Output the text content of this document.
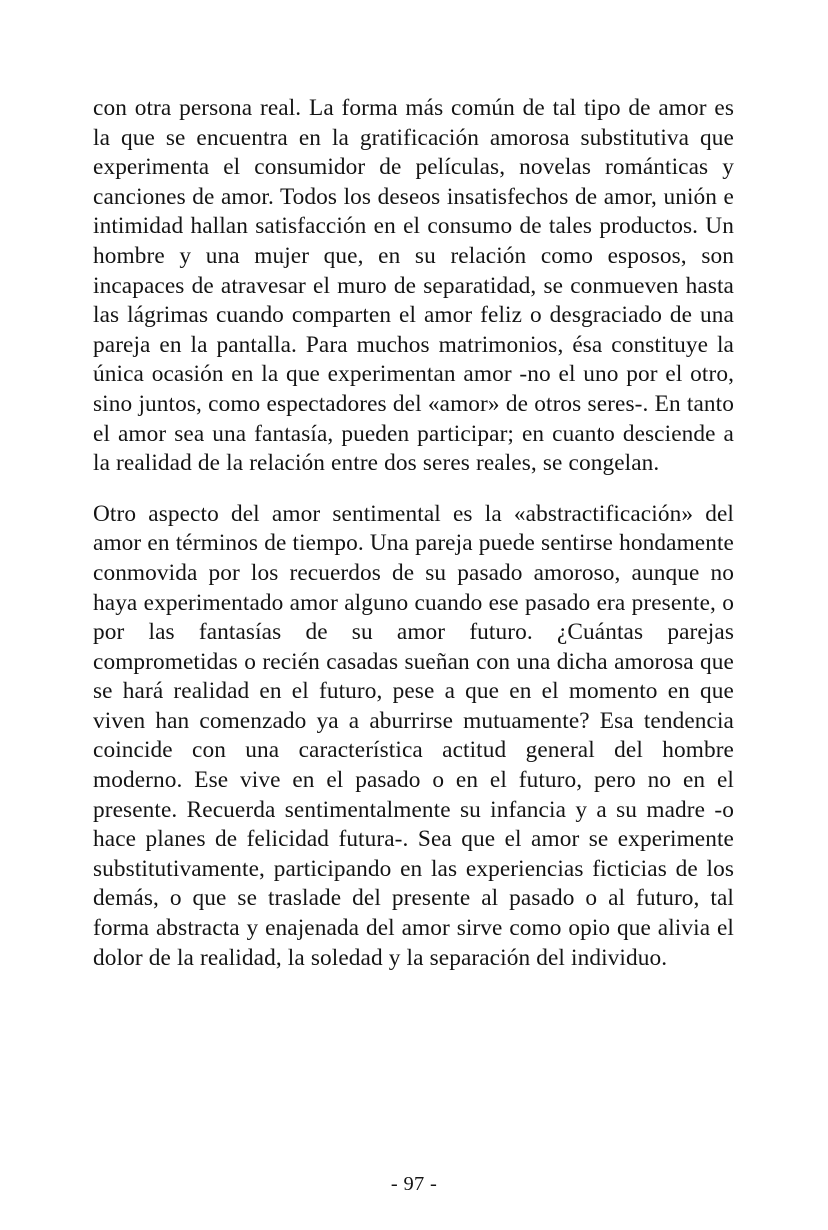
con otra persona real. La forma más común de tal tipo de amor es la que se encuentra en la gratificación amorosa substitutiva que experimenta el consumidor de películas, novelas románticas y canciones de amor. Todos los deseos insatisfechos de amor, unión e intimidad hallan satisfacción en el consumo de tales productos. Un hombre y una mujer que, en su relación como esposos, son incapaces de atravesar el muro de separatidad, se conmueven hasta las lágrimas cuando comparten el amor feliz o desgraciado de una pareja en la pantalla. Para muchos matrimonios, ésa constituye la única ocasión en la que experimentan amor -no el uno por el otro, sino juntos, como espectadores del «amor» de otros seres-. En tanto el amor sea una fantasía, pueden participar; en cuanto desciende a la realidad de la relación entre dos seres reales, se congelan.

Otro aspecto del amor sentimental es la «abstractificación» del amor en términos de tiempo. Una pareja puede sentirse hondamente conmovida por los recuerdos de su pasado amoroso, aunque no haya experimentado amor alguno cuando ese pasado era presente, o por las fantasías de su amor futuro. ¿Cuántas parejas comprometidas o recién casadas sueñan con una dicha amorosa que se hará realidad en el futuro, pese a que en el momento en que viven han comenzado ya a aburrirse mutuamente? Esa tendencia coincide con una característica actitud general del hombre moderno. Ese vive en el pasado o en el futuro, pero no en el presente. Recuerda sentimentalmente su infancia y a su madre -o hace planes de felicidad futura-. Sea que el amor se experimente substitutivamente, participando en las experiencias ficticias de los demás, o que se traslade del presente al pasado o al futuro, tal forma abstracta y enajenada del amor sirve como opio que alivia el dolor de la realidad, la soledad y la separación del individuo.

- 97 -
